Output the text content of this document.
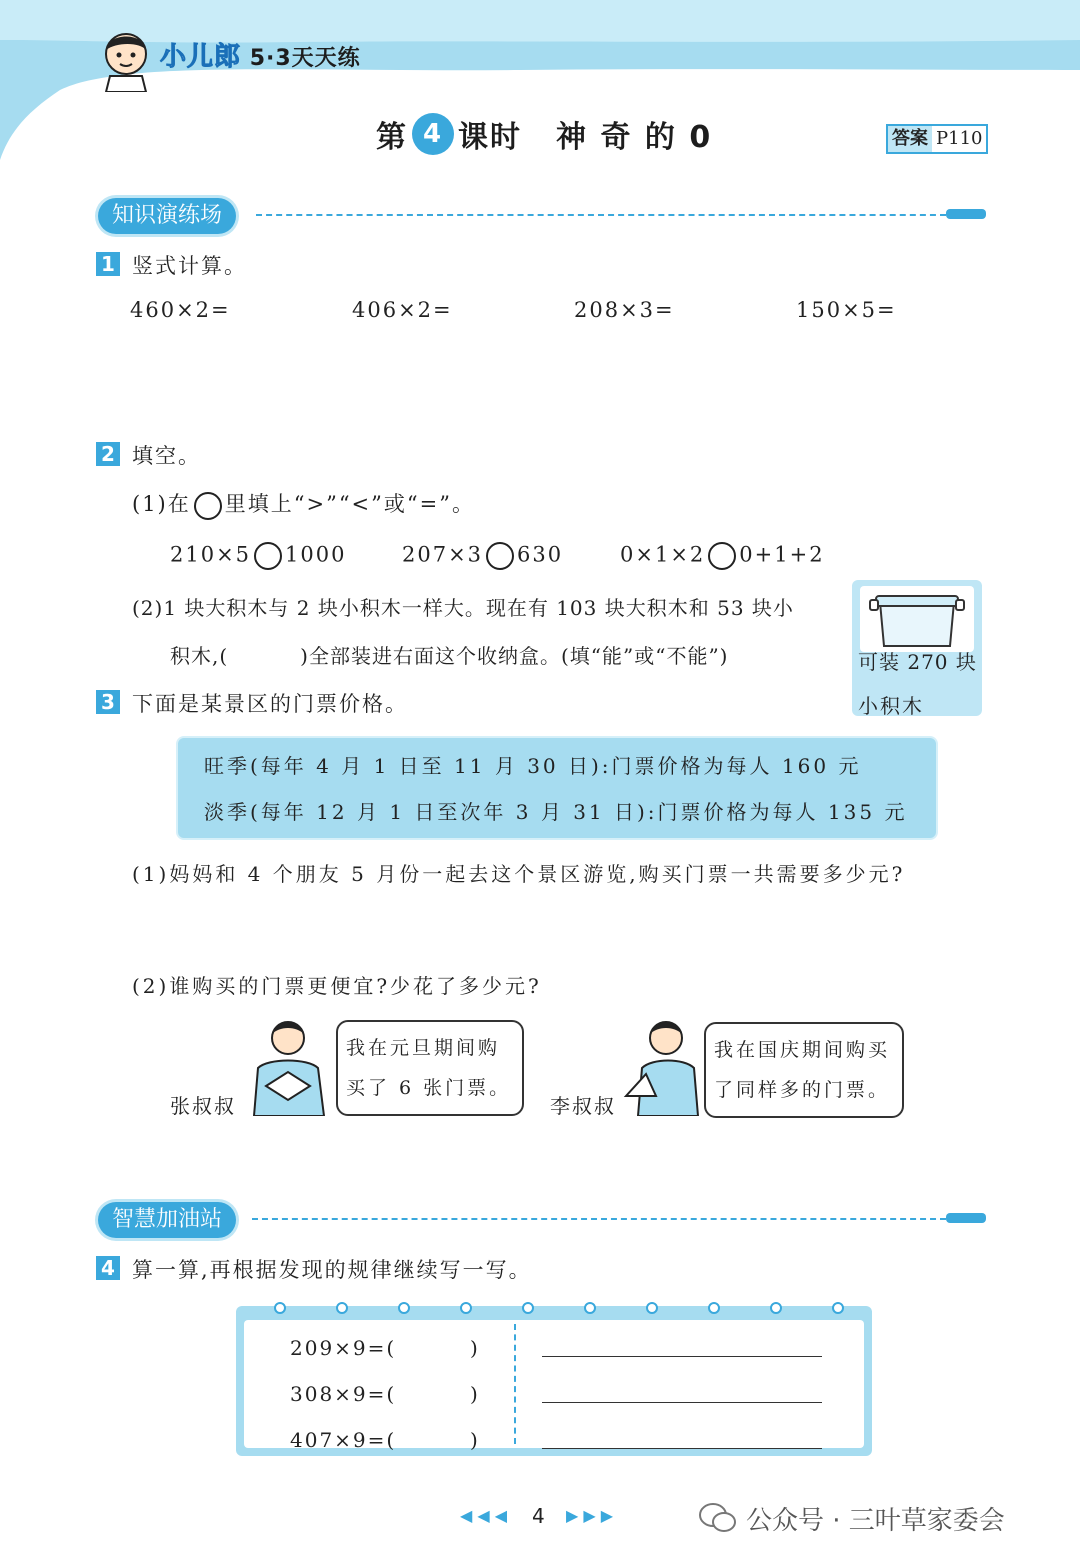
小儿郎 5·3天天练
第 4 课时 神 奇 的 0	答案 P110
知识演练场
1 竖式计算。
460×2=	406×2=	208×3=	150×5=
2 填空。
(1)在 里填上“>”“<”或“=”。
210×5 1000	207×3 630	0×1×2 0+1+2
(2)1 块大积木与 2 块小积木一样大。现在有 103 块大积木和 53 块小
积木,(	)全部装进右面这个收纳盒。(填“能”或“不能”)	可装 270 块
小积木
3 下面是某景区的门票价格。
旺季(每年 4 月 1 日至 11 月 30 日):门票价格为每人 160 元
淡季(每年 12 月 1 日至次年 3 月 31 日):门票价格为每人 135 元
(1)妈妈和 4 个朋友 5 月份一起去这个景区游览,购买门票一共需要多少元?
(2)谁购买的门票更便宜?少花了多少元?
张叔叔
我在元旦期间购
买了 6 张门票。
李叔叔
我在国庆期间购买
了同样多的门票。
智慧加油站
4 算一算,再根据发现的规律继续写一写。
209×9=(	)
308×9=(	)
407×9=(	)
◀ ◀ ◀ 4 ▶ ▶ ▶	公众号 · 三叶草家委会
